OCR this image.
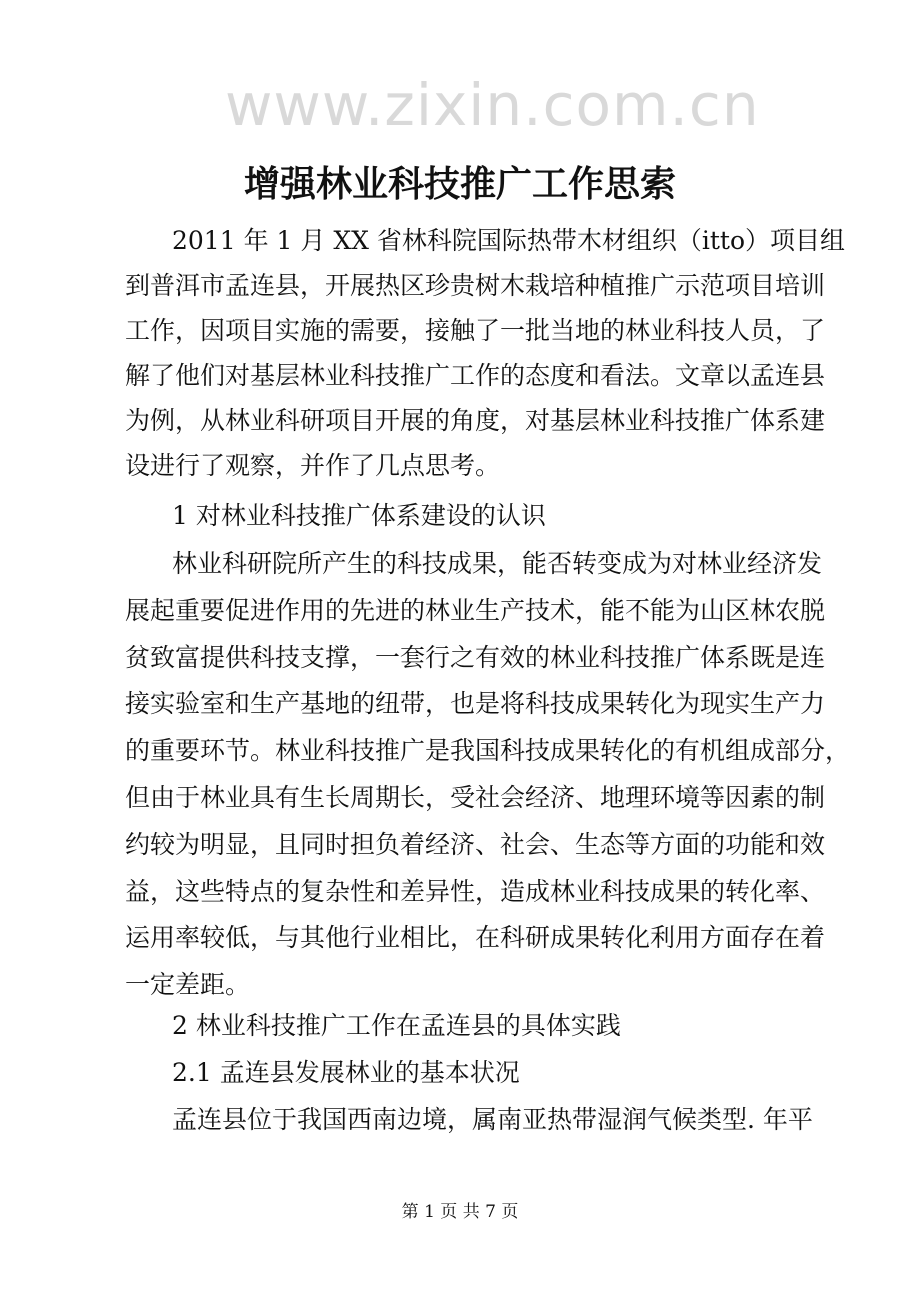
www.zixin.com.cn
增强林业科技推广工作思索
2011 年 1 月 XX 省林科院国际热带木材组织（itto）项目组
到普洱市孟连县，开展热区珍贵树木栽培种植推广示范项目培训
工作，因项目实施的需要，接触了一批当地的林业科技人员，了
解了他们对基层林业科技推广工作的态度和看法。文章以孟连县
为例，从林业科研项目开展的角度，对基层林业科技推广体系建
设进行了观察，并作了几点思考。
1 对林业科技推广体系建设的认识
林业科研院所产生的科技成果，能否转变成为对林业经济发
展起重要促进作用的先进的林业生产技术，能不能为山区林农脱
贫致富提供科技支撑，一套行之有效的林业科技推广体系既是连
接实验室和生产基地的纽带，也是将科技成果转化为现实生产力
的重要环节。林业科技推广是我国科技成果转化的有机组成部分，
但由于林业具有生长周期长，受社会经济、地理环境等因素的制
约较为明显，且同时担负着经济、社会、生态等方面的功能和效
益，这些特点的复杂性和差异性，造成林业科技成果的转化率、
运用率较低，与其他行业相比，在科研成果转化利用方面存在着
一定差距。
2 林业科技推广工作在孟连县的具体实践
2.1 孟连县发展林业的基本状况
孟连县位于我国西南边境，属南亚热带湿润气候类型. 年平
第 1 页 共 7 页
